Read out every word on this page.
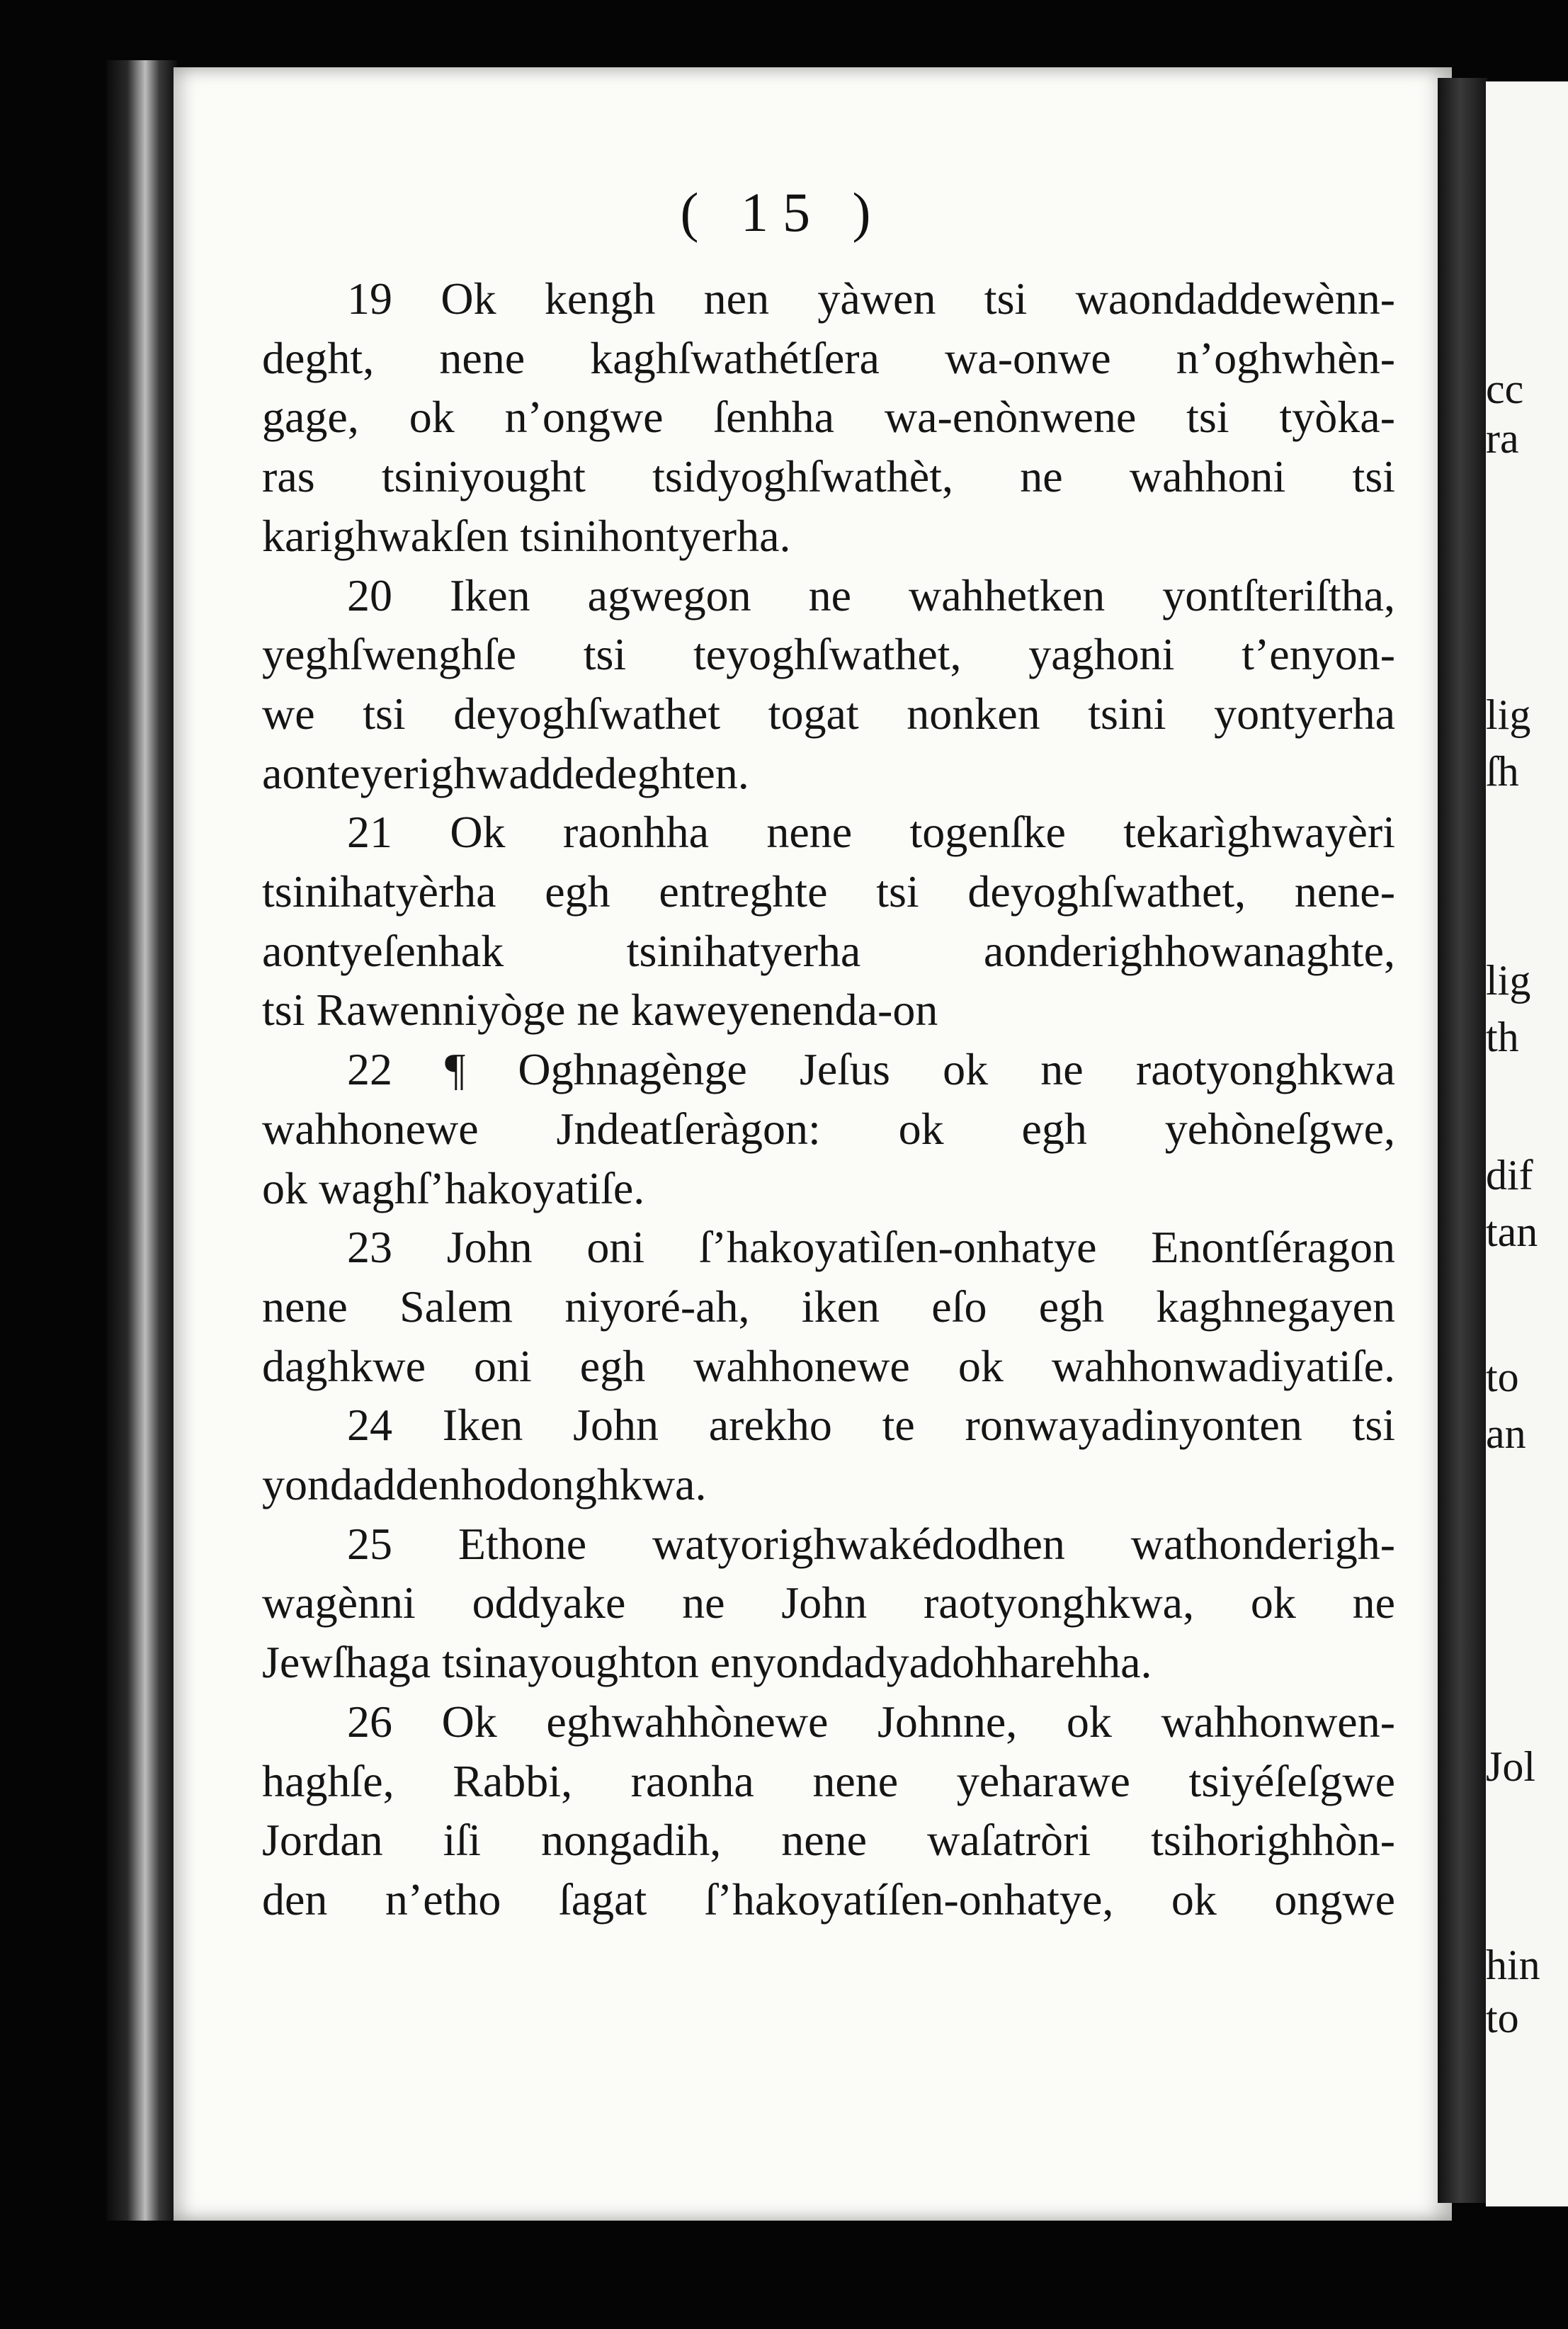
cc
ra
lig
ſh
lig
th
dif
tan
to
an
Jol
hin
to
( 15 )
19 Ok kengh nen yàwen tsi waondaddewènn-
deght, nene kaghſwathétſera wa-onwe n’oghwhèn-
gage, ok n’ongwe ſenhha wa-enònwene tsi tyòka-
ras tsiniyought tsidyoghſwathèt, ne wahhoni tsi
karighwakſen tsinihontyerha.
20 Iken agwegon ne wahhetken yontſteriſtha,
yeghſwenghſe tsi teyoghſwathet, yaghoni t’enyon-
we tsi deyoghſwathet togat nonken tsini yontyerha
aonteyerighwaddedeghten.
21 Ok raonhha nene togenſke tekarìghwayèri
tsinihatyèrha egh entreghte tsi deyoghſwathet, nene-
aontyeſenhak tsinihatyerha aonderighhowanaghte,
tsi Rawenniyòge ne kaweyenenda-on
22 ¶ Oghnagènge Jeſus ok ne raotyonghkwa
wahhonewe Jndeatſeràgon: ok egh yehòneſgwe,
ok waghſ’hakoyatiſe.
23 John oni ſ’hakoyatìſen-onhatye Enontſéragon
nene Salem niyoré-ah, iken eſo egh kaghnegayen
daghkwe oni egh wahhonewe ok wahhonwadiyatiſe.
24 Iken John arekho te ronwayadinyonten tsi
yondaddenhodonghkwa.
25 Ethone watyorighwakédodhen wathonderigh-
wagènni oddyake ne John raotyonghkwa, ok ne
Jewſhaga tsinayoughton enyondadyadohharehha.
26 Ok eghwahhònewe Johnne, ok wahhonwen-
haghſe, Rabbi, raonha nene yeharawe tsiyéſeſgwe
Jordan iſi nongadih, nene waſatròri tsihorighhòn-
den n’etho ſagat ſ’hakoyatíſen-onhatye, ok ongwe
